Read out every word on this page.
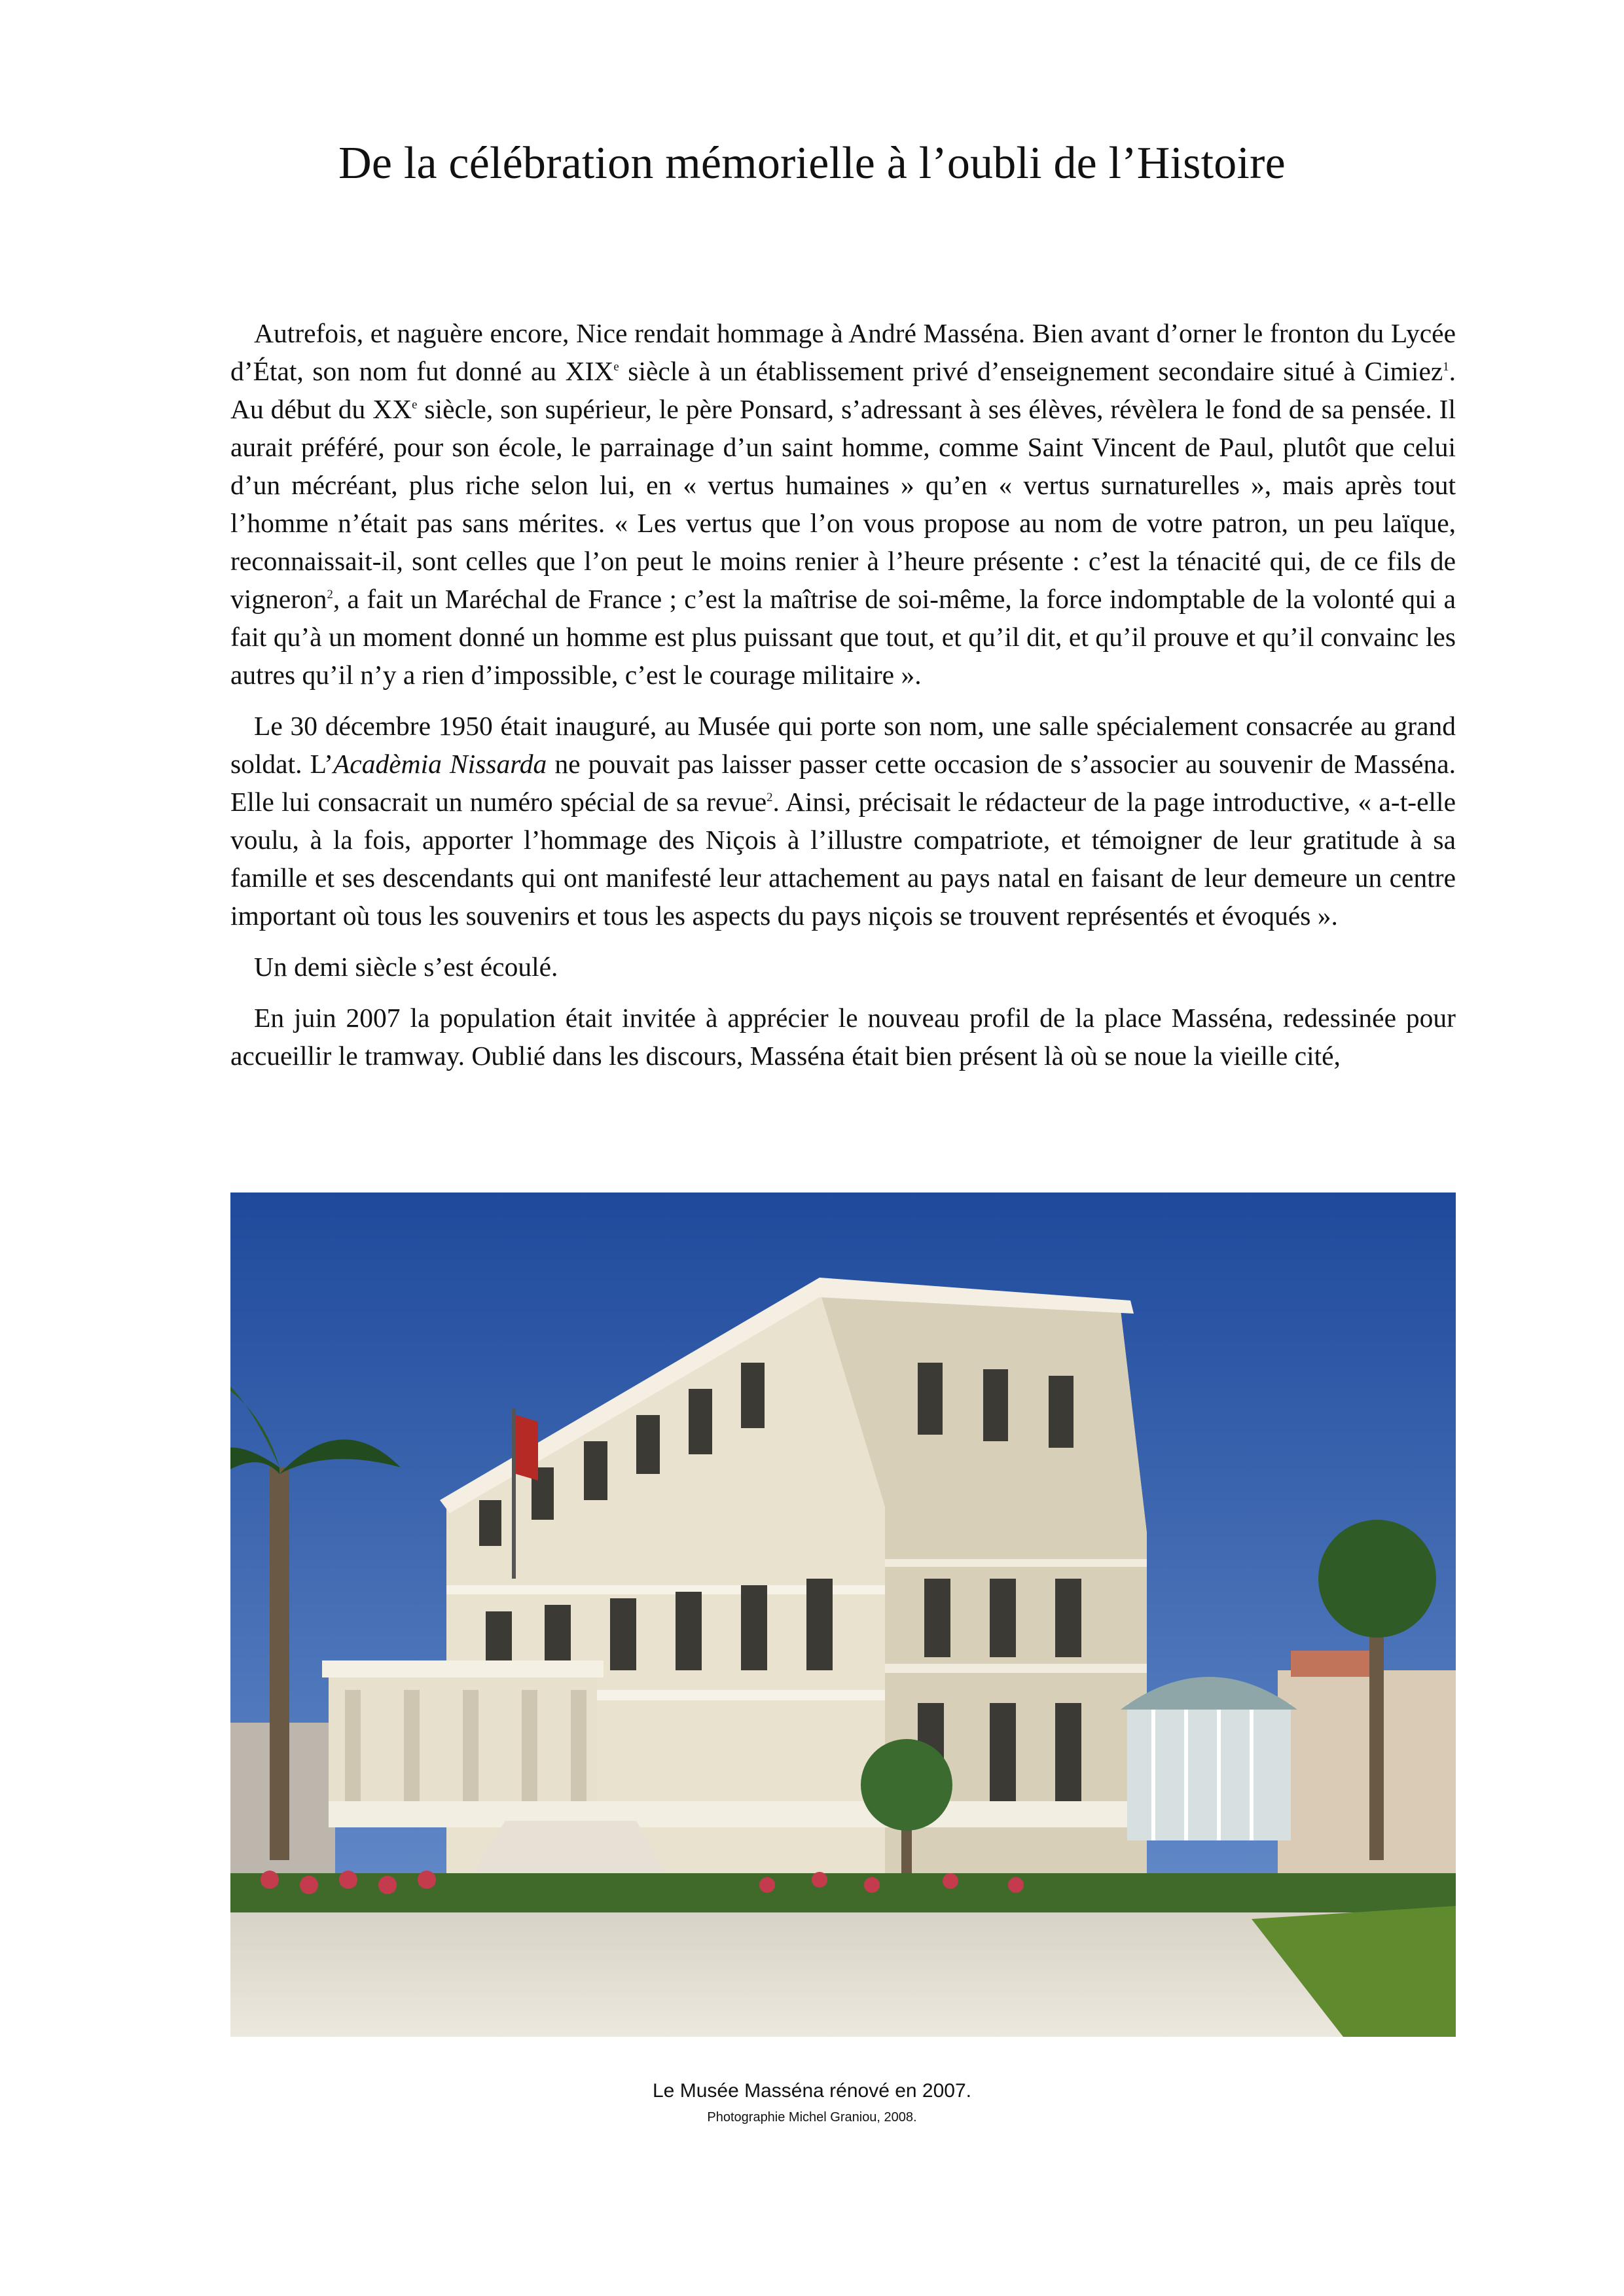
De la célébration mémorielle à l’oubli de l’Histoire

Autrefois, et naguère encore, Nice rendait hommage à André Masséna. Bien avant d’orner le fronton du Lycée d’État, son nom fut donné au XIXe siècle à un établissement privé d’enseignement secondaire situé à Cimiez$^1$. Au début du XXe siècle, son supérieur, le père Ponsard, s’adressant à ses élèves, révèlera le fond de sa pensée. Il aurait préféré, pour son école, le parrainage d’un saint homme, comme Saint Vincent de Paul, plutôt que celui d’un mécréant, plus riche selon lui, en « vertus humaines » qu’en « vertus surnaturelles », mais après tout l’homme n’était pas sans mérites. « Les vertus que l’on vous propose au nom de votre patron, un peu laïque, reconnaissait-il, sont celles que l’on peut le moins renier à l’heure présente : c’est la ténacité qui, de ce fils de vigneron$^2$, a fait un Maréchal de France ; c’est la maîtrise de soi-même, la force indomptable de la volonté qui a fait qu’à un moment donné un homme est plus puissant que tout, et qu’il dit, et qu’il prouve et qu’il convainc les autres qu’il n’y a rien d’impossible, c’est le courage militaire ».

Le 30 décembre 1950 était inauguré, au Musée qui porte son nom, une salle spécialement consacrée au grand soldat. L’Acadèmia Nissarda ne pouvait pas laisser passer cette occasion de s’associer au souvenir de Masséna. Elle lui consacrait un numéro spécial de sa revue$^2$. Ainsi, précisait le rédacteur de la page introductive, « a-t-elle voulu, à la fois, apporter l’hommage des Niçois à l’illustre compatriote, et témoigner de leur gratitude à sa famille et ses descendants qui ont manifesté leur attachement au pays natal en faisant de leur demeure un centre important où tous les souvenirs et tous les aspects du pays niçois se trouvent représentés et évoqués ».

Un demi siècle s’est écoulé.

En juin 2007 la population était invitée à apprécier le nouveau profil de la place Masséna, redessinée pour accueillir le tramway. Oublié dans les discours, Masséna était bien présent là où se noue la vieille cité,

Le Musée Masséna rénové en 2007.
Photographie Michel Graniou, 2008.
